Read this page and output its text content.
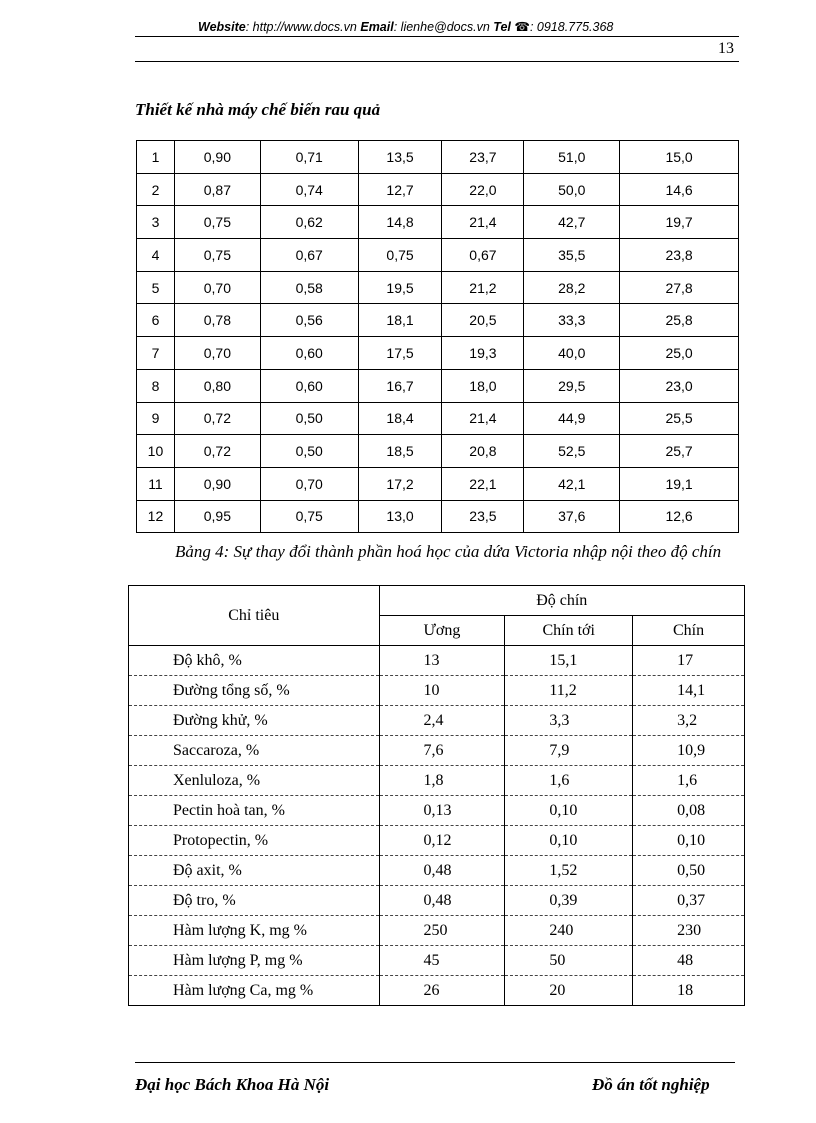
Website: http://www.docs.vn Email: lienhe@docs.vn Tel ☎: 0918.775.368
13
Thiết kế nhà máy chế biến rau quả
1	0,90	0,71	13,5	23,7	51,0	15,0
2	0,87	0,74	12,7	22,0	50,0	14,6
3	0,75	0,62	14,8	21,4	42,7	19,7
4	0,75	0,67	0,75	0,67	35,5	23,8
5	0,70	0,58	19,5	21,2	28,2	27,8
6	0,78	0,56	18,1	20,5	33,3	25,8
7	0,70	0,60	17,5	19,3	40,0	25,0
8	0,80	0,60	16,7	18,0	29,5	23,0
9	0,72	0,50	18,4	21,4	44,9	25,5
10	0,72	0,50	18,5	20,8	52,5	25,7
11	0,90	0,70	17,2	22,1	42,1	19,1
12	0,95	0,75	13,0	23,5	37,6	12,6
Bảng 4: Sự thay đổi thành phần hoá học của dứa Victoria nhập nội theo độ chín
Chỉ tiêu	Độ chín		
	Ương	Chín tới	Chín
Độ khô, %	13	15,1	17
Đường tổng số, %	10	11,2	14,1
Đường khử, %	2,4	3,3	3,2
Saccaroza, %	7,6	7,9	10,9
Xenluloza, %	1,8	1,6	1,6
Pectin hoà tan, %	0,13	0,10	0,08
Protopectin, %	0,12	0,10	0,10
Độ axit, %	0,48	1,52	0,50
Độ tro, %	0,48	0,39	0,37
Hàm lượng K, mg %	250	240	230
Hàm lượng P, mg %	45	50	48
Hàm lượng Ca, mg %	26	20	18
Đại học Bách Khoa Hà Nội	Đồ án tốt nghiệp
